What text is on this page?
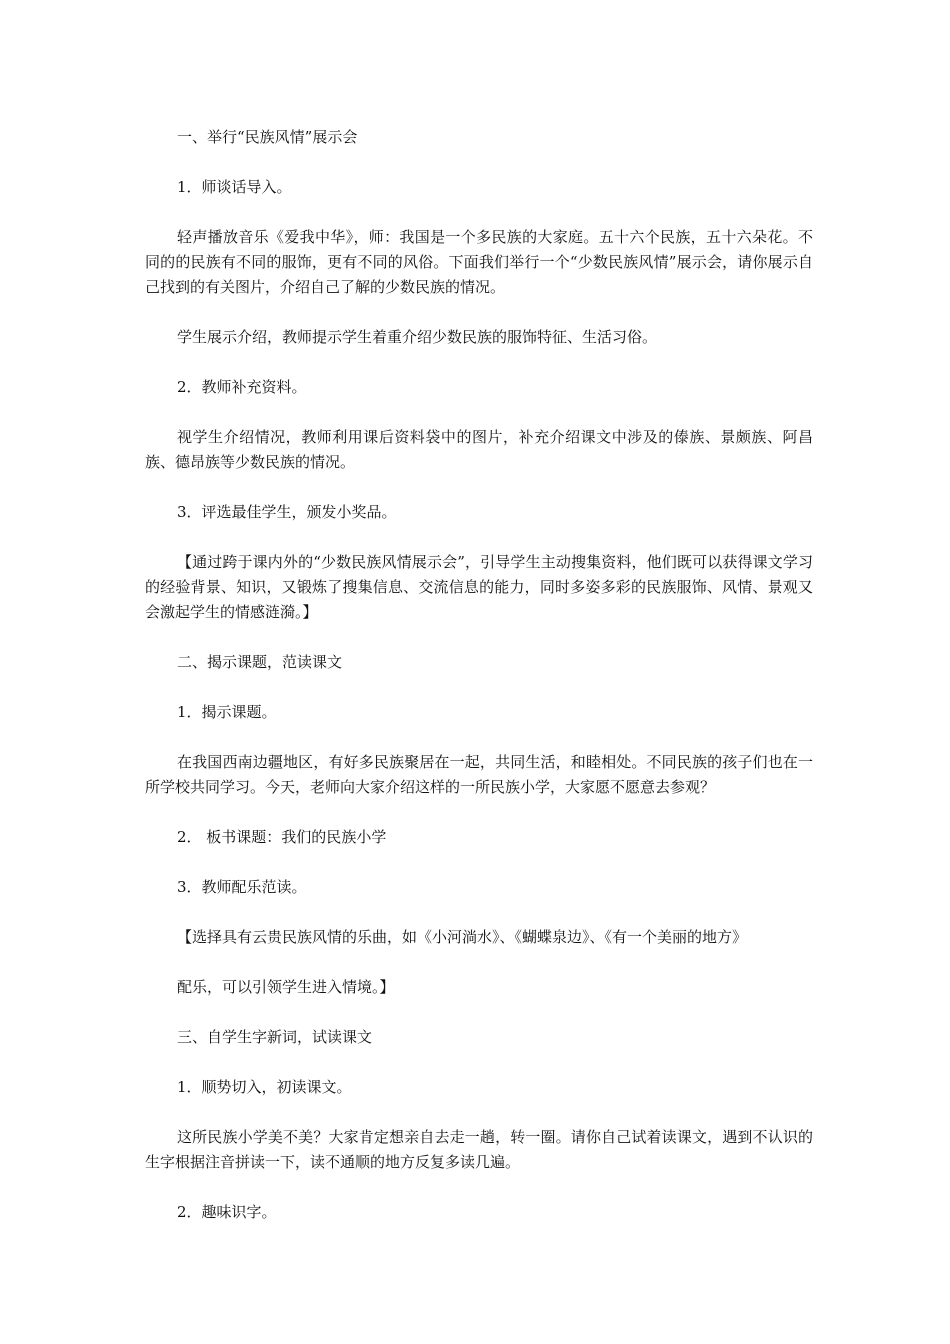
一、举行“民族风情”展示会

1．师谈话导入。

轻声播放音乐《爱我中华》，师：我国是一个多民族的大家庭。五十六个民族，五十六朵花。不同的的民族有不同的服饰，更有不同的风俗。下面我们举行一个“少数民族风情”展示会，请你展示自己找到的有关图片，介绍自己了解的少数民族的情况。

学生展示介绍，教师提示学生着重介绍少数民族的服饰特征、生活习俗。

2．教师补充资料。

视学生介绍情况，教师利用课后资料袋中的图片，补充介绍课文中涉及的傣族、景颇族、阿昌族、德昂族等少数民族的情况。

3．评选最佳学生，颁发小奖品。

【通过跨于课内外的“少数民族风情展示会”，引导学生主动搜集资料，他们既可以获得课文学习的经验背景、知识，又锻炼了搜集信息、交流信息的能力，同时多姿多彩的民族服饰、风情、景观又会激起学生的情感涟漪。】

二、揭示课题，范读课文

1．揭示课题。

在我国西南边疆地区，有好多民族聚居在一起，共同生活，和睦相处。不同民族的孩子们也在一所学校共同学习。今天，老师向大家介绍这样的一所民族小学，大家愿不愿意去参观？

2． 板书课题：我们的民族小学

3．教师配乐范读。

【选择具有云贵民族风情的乐曲，如《小河淌水》、《蝴蝶泉边》、《有一个美丽的地方》

配乐，可以引领学生进入情境。】

三、自学生字新词，试读课文

1．顺势切入，初读课文。

这所民族小学美不美？大家肯定想亲自去走一趟，转一圈。请你自己试着读课文，遇到不认识的生字根据注音拼读一下，读不通顺的地方反复多读几遍。

2．趣味识字。
